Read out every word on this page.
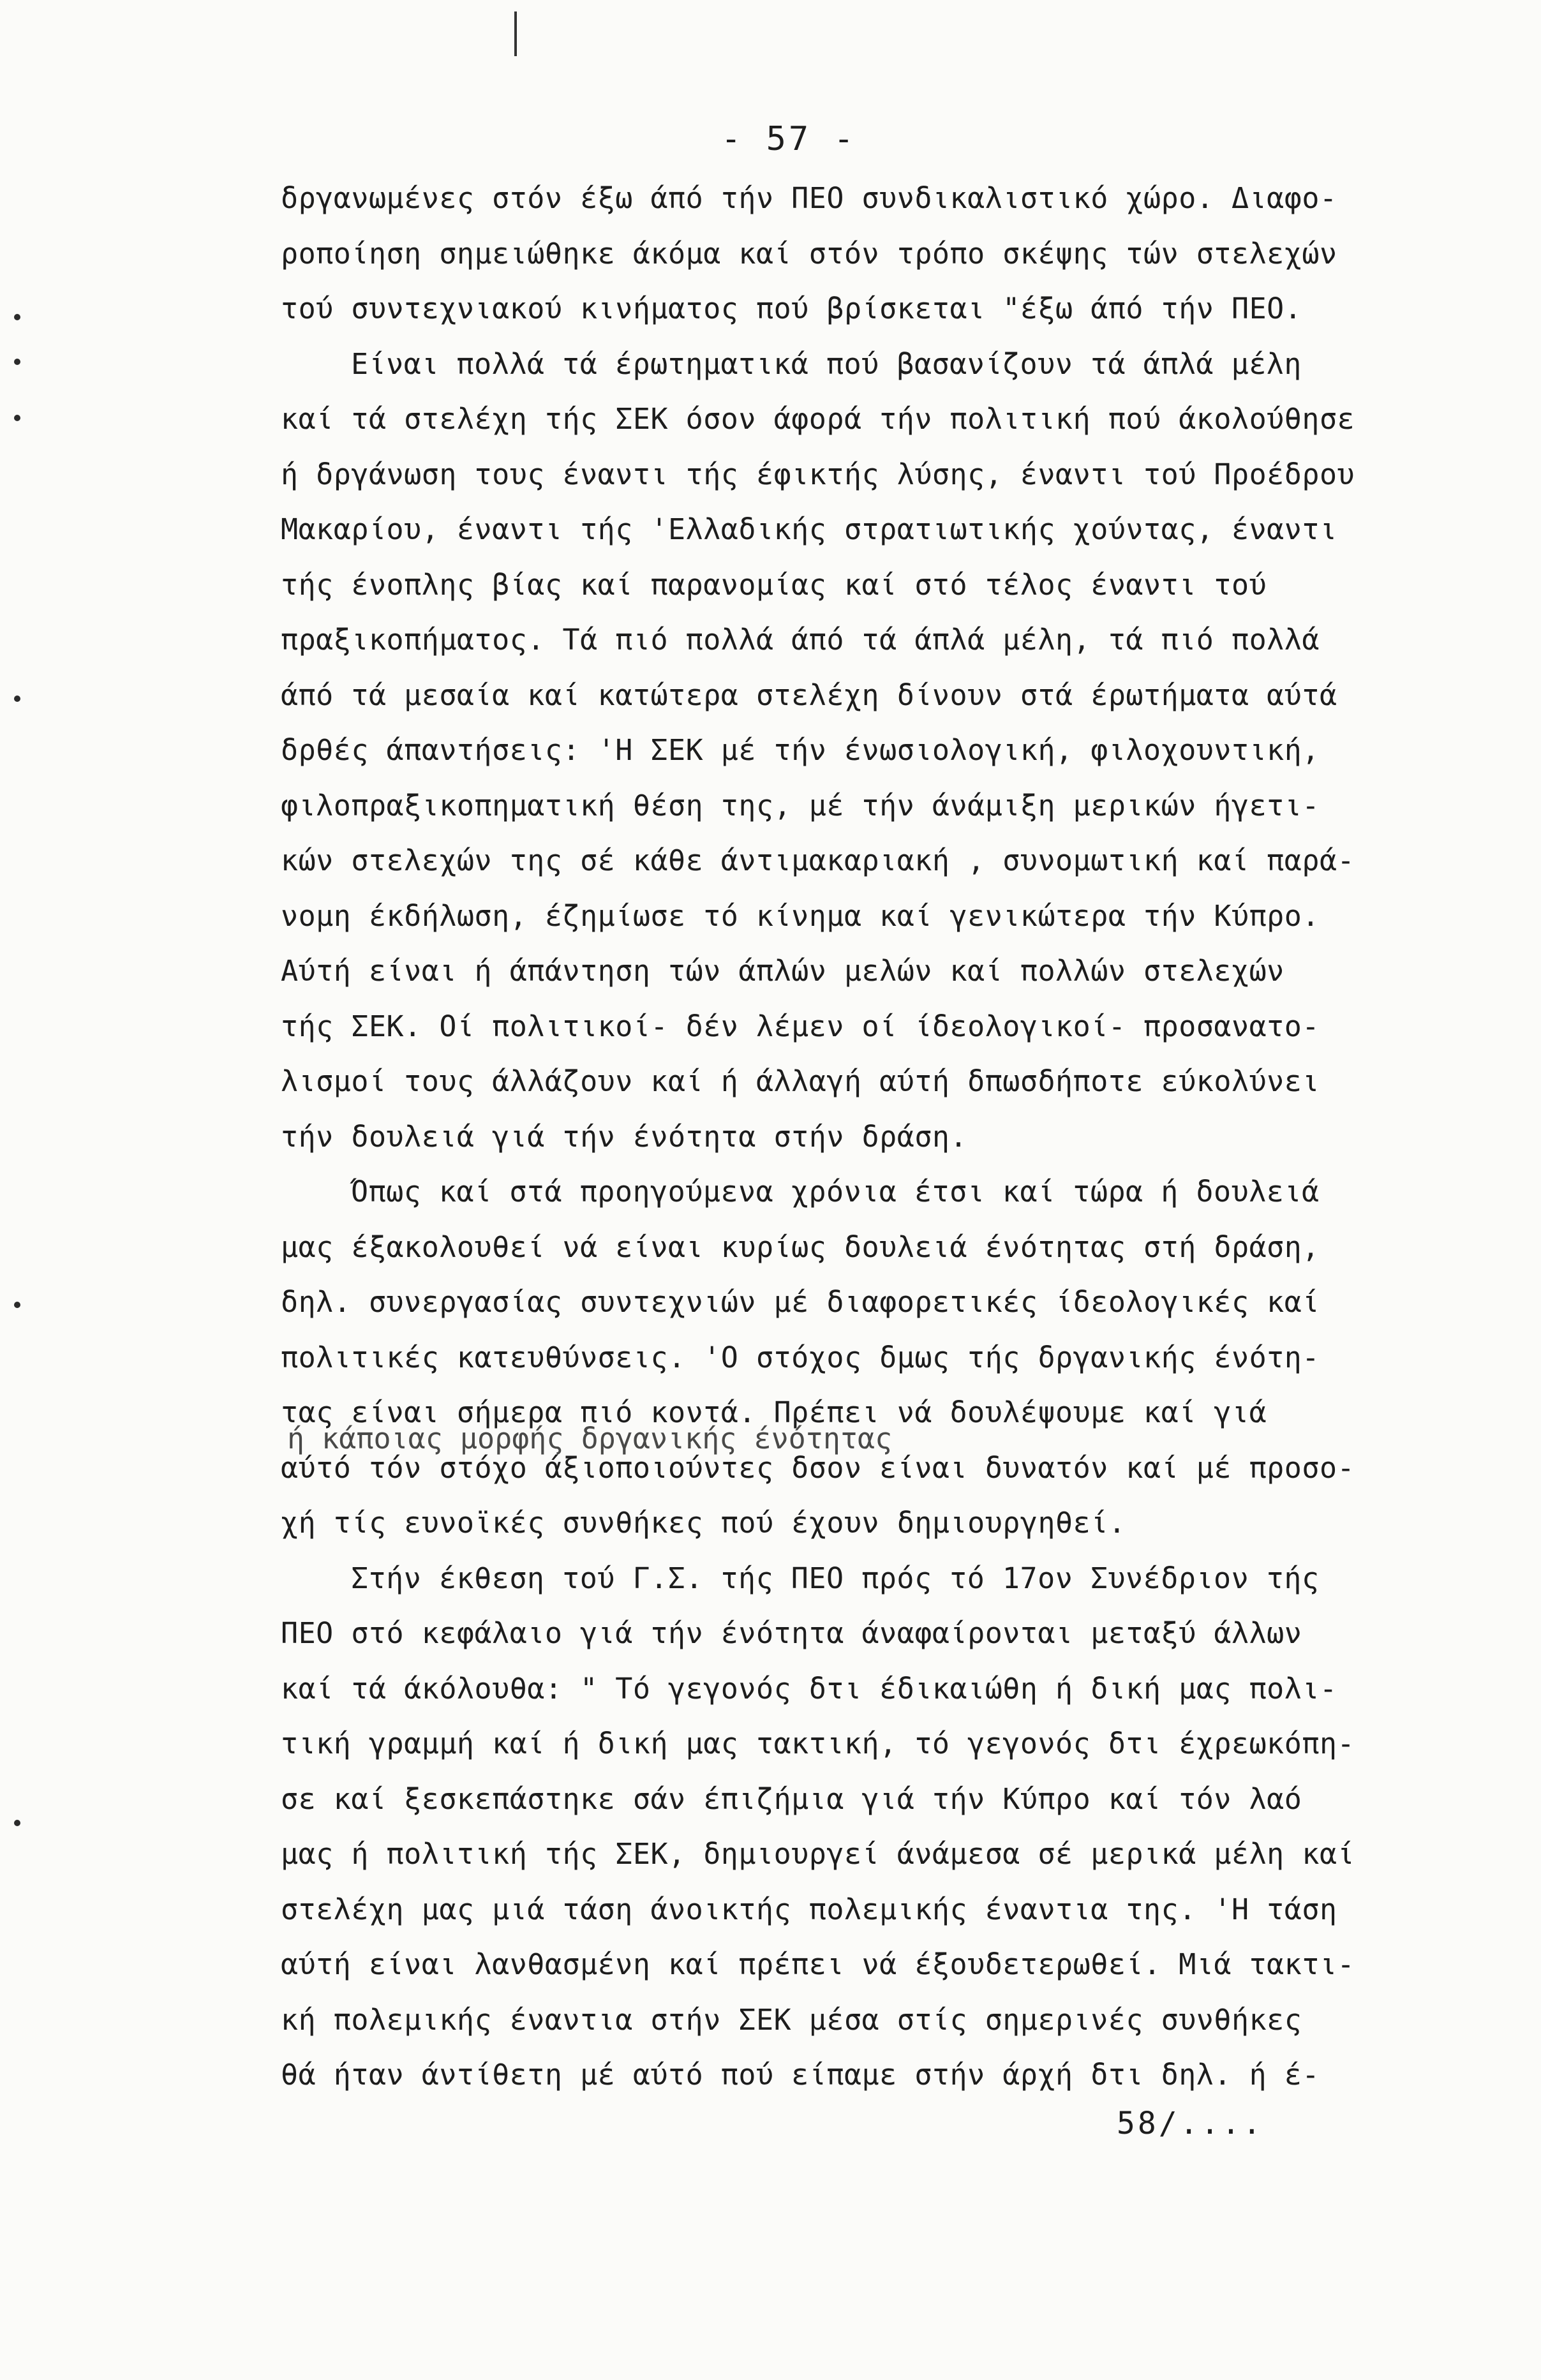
- 57 -
δργανωμένες στόν έξω άπό τήν ΠΕΟ συνδικαλιστικό χώρο. Διαφο-
ροποίηση σημειώθηκε άκόμα καί στόν τρόπο σκέψης τών στελεχών
τού συντεχνιακού κινήματος πού βρίσκεται "έξω άπό τήν ΠΕΟ.
Είναι πολλά τά έρωτηματικά πού βασανίζουν τά άπλά μέλη
καί τά στελέχη τής ΣΕΚ όσον άφορά τήν πολιτική πού άκολούθησε
ή δργάνωση τους έναντι τής έφικτής λύσης, έναντι τού Προέδρου
Μακαρίου, έναντι τής 'Ελλαδικής στρατιωτικής χούντας, έναντι
τής ένοπλης βίας καί παρανομίας καί στό τέλος έναντι τού
πραξικοπήματος. Τά πιό πολλά άπό τά άπλά μέλη, τά πιό πολλά
άπό τά μεσαία καί κατώτερα στελέχη δίνουν στά έρωτήματα αύτά
δρθές άπαντήσεις: 'Η ΣΕΚ μέ τήν ένωσιολογική, φιλοχουντική,
φιλοπραξικοπηματική θέση της, μέ τήν άνάμιξη μερικών ήγετι-
κών στελεχών της σέ κάθε άντιμακαριακή , συνομωτική καί παρά-
νομη έκδήλωση, έζημίωσε τό κίνημα καί γενικώτερα τήν Κύπρο.
Αύτή είναι ή άπάντηση τών άπλών μελών καί πολλών στελεχών
τής ΣΕΚ. Οί πολιτικοί- δέν λέμεν οί ίδεολογικοί- προσανατο-
λισμοί τους άλλάζουν καί ή άλλαγή αύτή δπωσδήποτε εύκολύνει
τήν δουλειά γιά τήν ένότητα στήν δράση.
Όπως καί στά προηγούμενα χρόνια έτσι καί τώρα ή δουλειά
μας έξακολουθεί νά είναι κυρίως δουλειά ένότητας στή δράση,
δηλ. συνεργασίας συντεχνιών μέ διαφορετικές ίδεολογικές καί
πολιτικές κατευθύνσεις. 'Ο στόχος δμως τής δργανικής ένότη-
τας είναι σήμερα πιό κοντά. Πρέπει νά δουλέψουμε καί γιά
αύτό τόν στόχο άξιοποιούντες δσον είναι δυνατόν καί μέ προσο-
χή τίς ευνοϊκές συνθήκες πού έχουν δημιουργηθεί.
Στήν έκθεση τού Γ.Σ. τής ΠΕΟ πρός τό 17ον Συνέδριον τής
ΠΕΟ στό κεφάλαιο γιά τήν ένότητα άναφαίρονται μεταξύ άλλων
καί τά άκόλουθα: " Τό γεγονός δτι έδικαιώθη ή δική μας πολι-
τική γραμμή καί ή δική μας τακτική, τό γεγονός δτι έχρεωκόπη-
σε καί ξεσκεπάστηκε σάν έπιζήμια γιά τήν Κύπρο καί τόν λαό
μας ή πολιτική τής ΣΕΚ, δημιουργεί άνάμεσα σέ μερικά μέλη καί
στελέχη μας μιά τάση άνοικτής πολεμικής έναντια της. 'Η τάση
αύτή είναι λανθασμένη καί πρέπει νά έξουδετερωθεί. Μιά τακτι-
κή πολεμικής έναντια στήν ΣΕΚ μέσα στίς σημερινές συνθήκες
θά ήταν άντίθετη μέ αύτό πού είπαμε στήν άρχή δτι δηλ. ή έ-
ή κάποιας μορφής δργανικής ένότητας
58/....
